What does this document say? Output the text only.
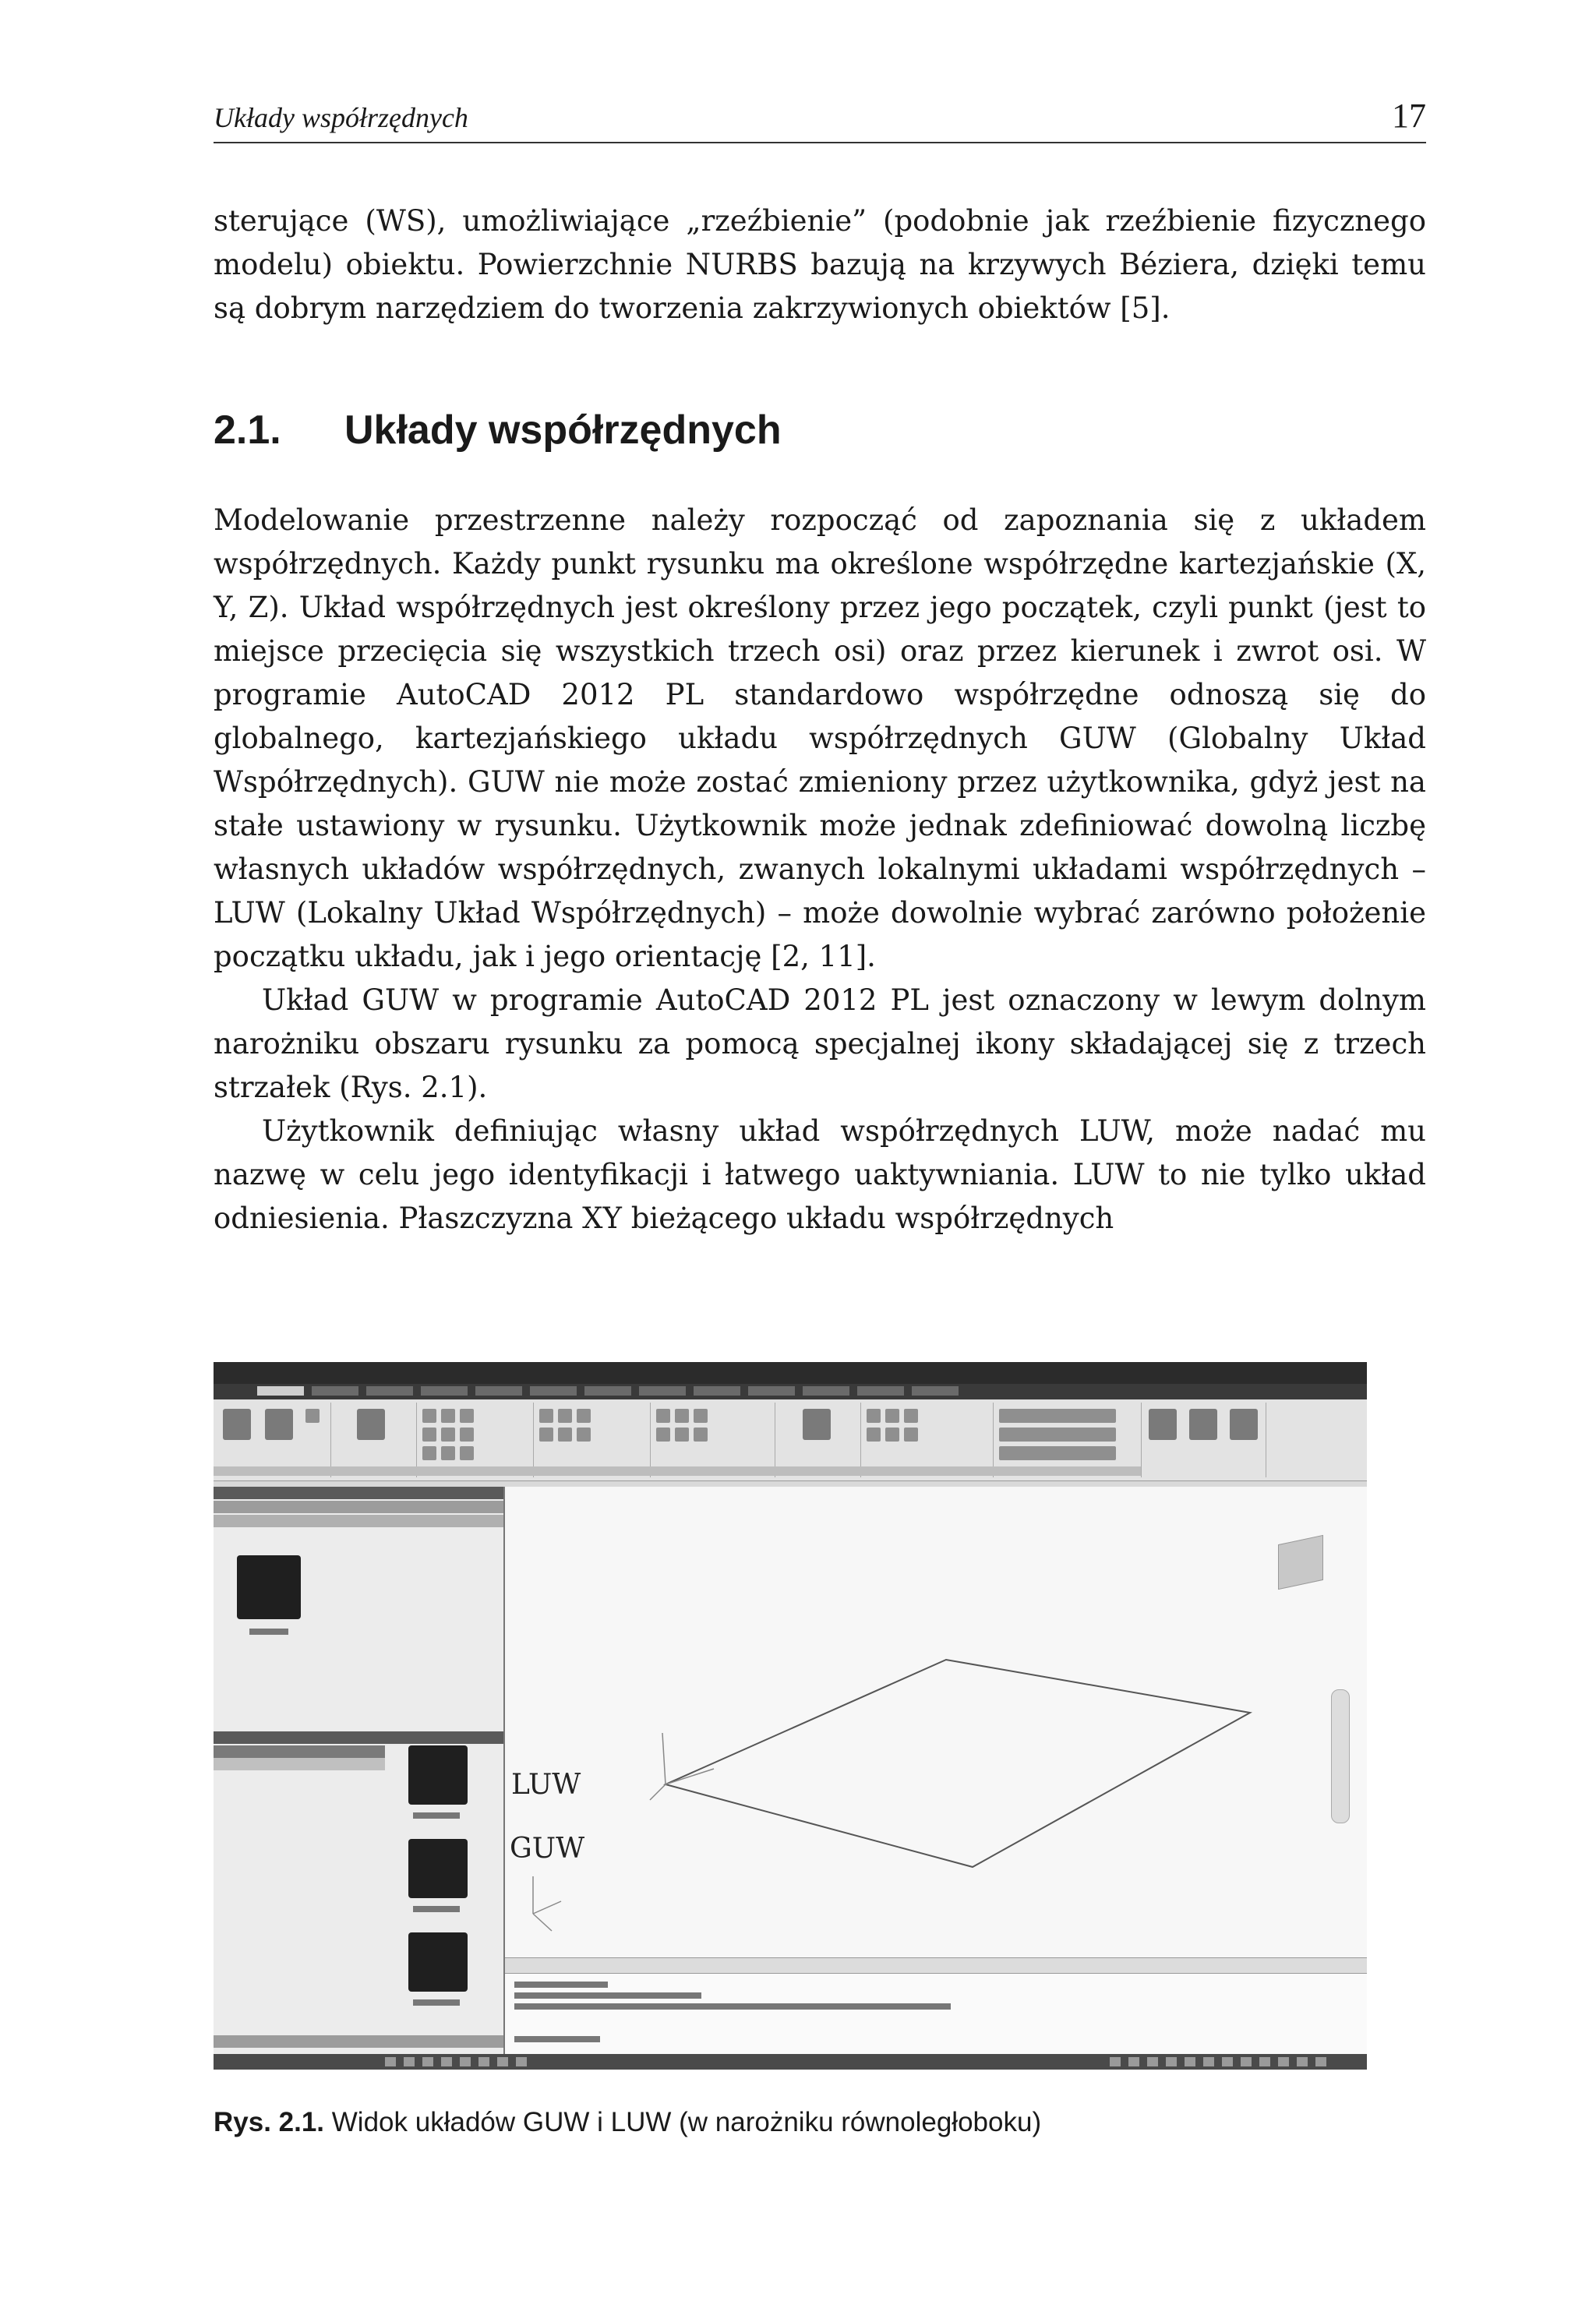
Układy współrzędnych	17

sterujące (WS), umożliwiające „rzeźbienie” (podobnie jak rzeźbienie fizycznego modelu) obiektu. Powierzchnie NURBS bazują na krzywych Béziera, dzięki temu są dobrym narzędziem do tworzenia zakrzywionych obiektów [5].

2.1. Układy współrzędnych

Modelowanie przestrzenne należy rozpocząć od zapoznania się z układem współrzędnych. Każdy punkt rysunku ma określone współrzędne kartezjańskie (X, Y, Z). Układ współrzędnych jest określony przez jego początek, czyli punkt (jest to miejsce przecięcia się wszystkich trzech osi) oraz przez kierunek i zwrot osi. W programie AutoCAD 2012 PL standardowo współrzędne odnoszą się do globalnego, kartezjańskiego układu współrzędnych GUW (Globalny Układ Współrzędnych). GUW nie może zostać zmieniony przez użytkownika, gdyż jest na stałe ustawiony w rysunku. Użytkownik może jednak zdefiniować dowolną liczbę własnych układów współrzędnych, zwanych lokalnymi układami współrzędnych – LUW (Lokalny Układ Współrzędnych) – może dowolnie wybrać zarówno położenie początku układu, jak i jego orientację [2, 11].

Układ GUW w programie AutoCAD 2012 PL jest oznaczony w lewym dolnym narożniku obszaru rysunku za pomocą specjalnej ikony składającej się z trzech strzałek (Rys. 2.1).

Użytkownik definiując własny układ współrzędnych LUW, może nadać mu nazwę w celu jego identyfikacji i łatwego uaktywniania. LUW to nie tylko układ odniesienia. Płaszczyzna XY bieżącego układu współrzędnych

LUW
GUW

Rys. 2.1. Widok układów GUW i LUW (w narożniku równoległoboku)
